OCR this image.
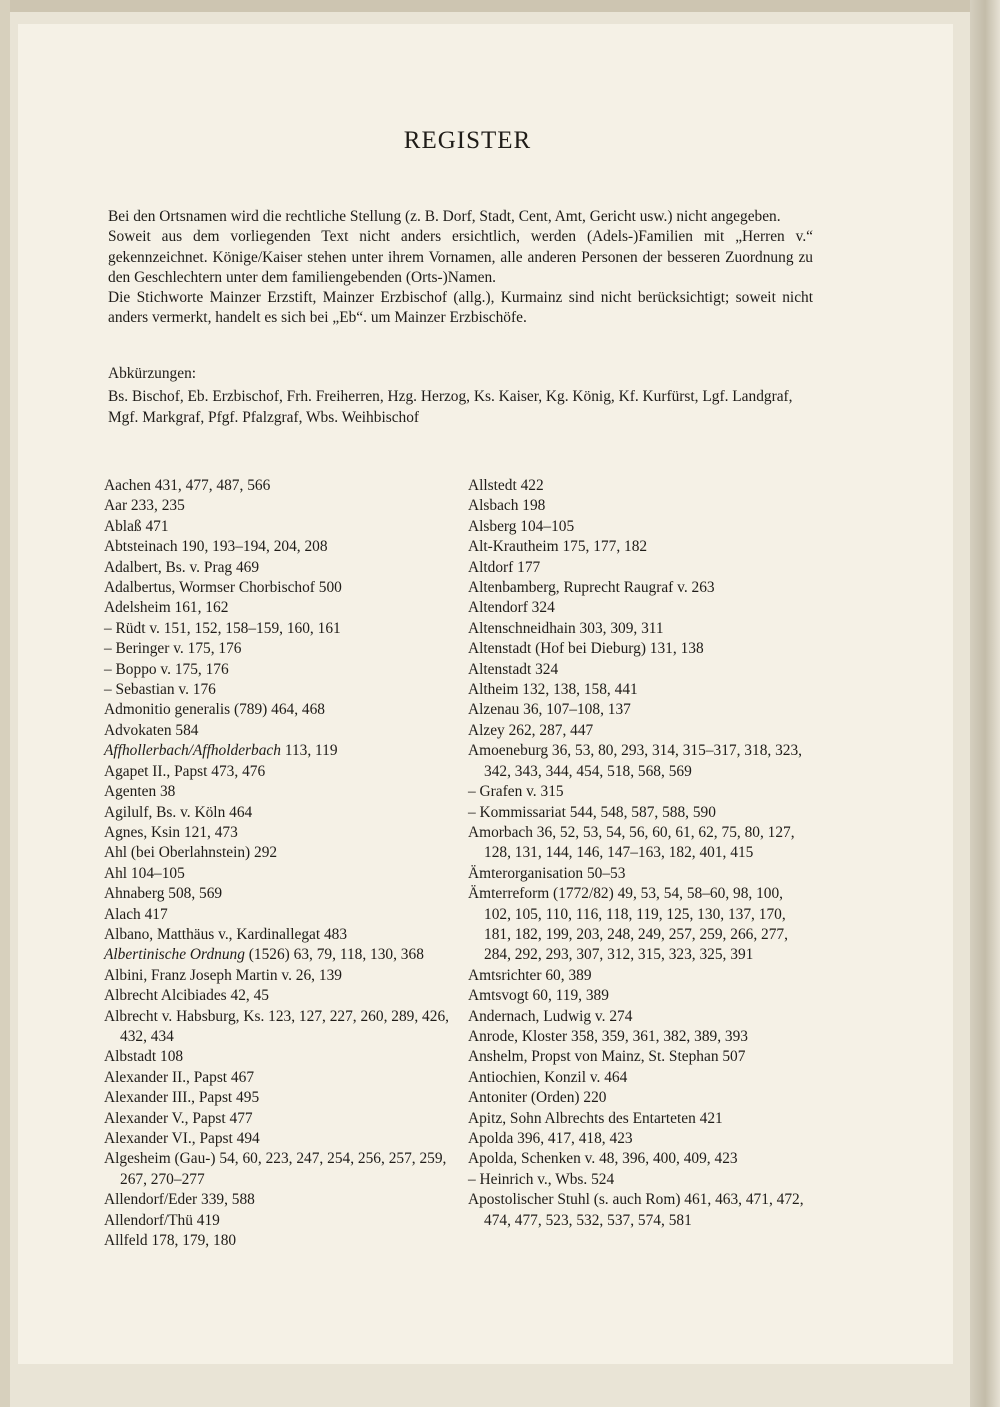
REGISTER

Bei den Ortsnamen wird die rechtliche Stellung (z. B. Dorf, Stadt, Cent, Amt, Gericht usw.) nicht angegeben.

Soweit aus dem vorliegenden Text nicht anders ersichtlich, werden (Adels-)Familien mit „Herren v.“ gekennzeichnet. Könige/Kaiser stehen unter ihrem Vornamen, alle anderen Personen der besseren Zuordnung zu den Geschlechtern unter dem familiengebenden (Orts-)Namen.

Die Stichworte Mainzer Erzstift, Mainzer Erzbischof (allg.), Kurmainz sind nicht berücksichtigt; soweit nicht anders vermerkt, handelt es sich bei „Eb“. um Mainzer Erzbischöfe.

Abkürzungen:

Bs. Bischof, Eb. Erzbischof, Frh. Freiherren, Hzg. Herzog, Ks. Kaiser, Kg. König, Kf. Kurfürst, Lgf. Landgraf, Mgf. Markgraf, Pfgf. Pfalzgraf, Wbs. Weihbischof

Aachen 431, 477, 487, 566

Aar 233, 235

Ablaß 471

Abtsteinach 190, 193–194, 204, 208

Adalbert, Bs. v. Prag 469

Adalbertus, Wormser Chorbischof 500

Adelsheim 161, 162

– Rüdt v. 151, 152, 158–159, 160, 161

– Beringer v. 175, 176

– Boppo v. 175, 176

– Sebastian v. 176

Admonitio generalis (789) 464, 468

Advokaten 584

Affhollerbach/Affholderbach 113, 119

Agapet II., Papst 473, 476

Agenten 38

Agilulf, Bs. v. Köln 464

Agnes, Ksin 121, 473

Ahl (bei Oberlahnstein) 292

Ahl 104–105

Ahnaberg 508, 569

Alach 417

Albano, Matthäus v., Kardinallegat 483

Albertinische Ordnung (1526) 63, 79, 118, 130, 368

Albini, Franz Joseph Martin v. 26, 139

Albrecht Alcibiades 42, 45

Albrecht v. Habsburg, Ks. 123, 127, 227, 260, 289, 426, 432, 434

Albstadt 108

Alexander II., Papst 467

Alexander III., Papst 495

Alexander V., Papst 477

Alexander VI., Papst 494

Algesheim (Gau-) 54, 60, 223, 247, 254, 256, 257, 259, 267, 270–277

Allendorf/Eder 339, 588

Allendorf/Thü 419

Allfeld 178, 179, 180

Allstedt 422

Alsbach 198

Alsberg 104–105

Alt-Krautheim 175, 177, 182

Altdorf 177

Altenbamberg, Ruprecht Raugraf v. 263

Altendorf 324

Altenschneidhain 303, 309, 311

Altenstadt (Hof bei Dieburg) 131, 138

Altenstadt 324

Altheim 132, 138, 158, 441

Alzenau 36, 107–108, 137

Alzey 262, 287, 447

Amoeneburg 36, 53, 80, 293, 314, 315–317, 318, 323, 342, 343, 344, 454, 518, 568, 569

– Grafen v. 315

– Kommissariat 544, 548, 587, 588, 590

Amorbach 36, 52, 53, 54, 56, 60, 61, 62, 75, 80, 127, 128, 131, 144, 146, 147–163, 182, 401, 415

Ämterorganisation 50–53

Ämterreform (1772/82) 49, 53, 54, 58–60, 98, 100, 102, 105, 110, 116, 118, 119, 125, 130, 137, 170, 181, 182, 199, 203, 248, 249, 257, 259, 266, 277, 284, 292, 293, 307, 312, 315, 323, 325, 391

Amtsrichter 60, 389

Amtsvogt 60, 119, 389

Andernach, Ludwig v. 274

Anrode, Kloster 358, 359, 361, 382, 389, 393

Anshelm, Propst von Mainz, St. Stephan 507

Antiochien, Konzil v. 464

Antoniter (Orden) 220

Apitz, Sohn Albrechts des Entarteten 421

Apolda 396, 417, 418, 423

Apolda, Schenken v. 48, 396, 400, 409, 423

– Heinrich v., Wbs. 524

Apostolischer Stuhl (s. auch Rom) 461, 463, 471, 472, 474, 477, 523, 532, 537, 574, 581
